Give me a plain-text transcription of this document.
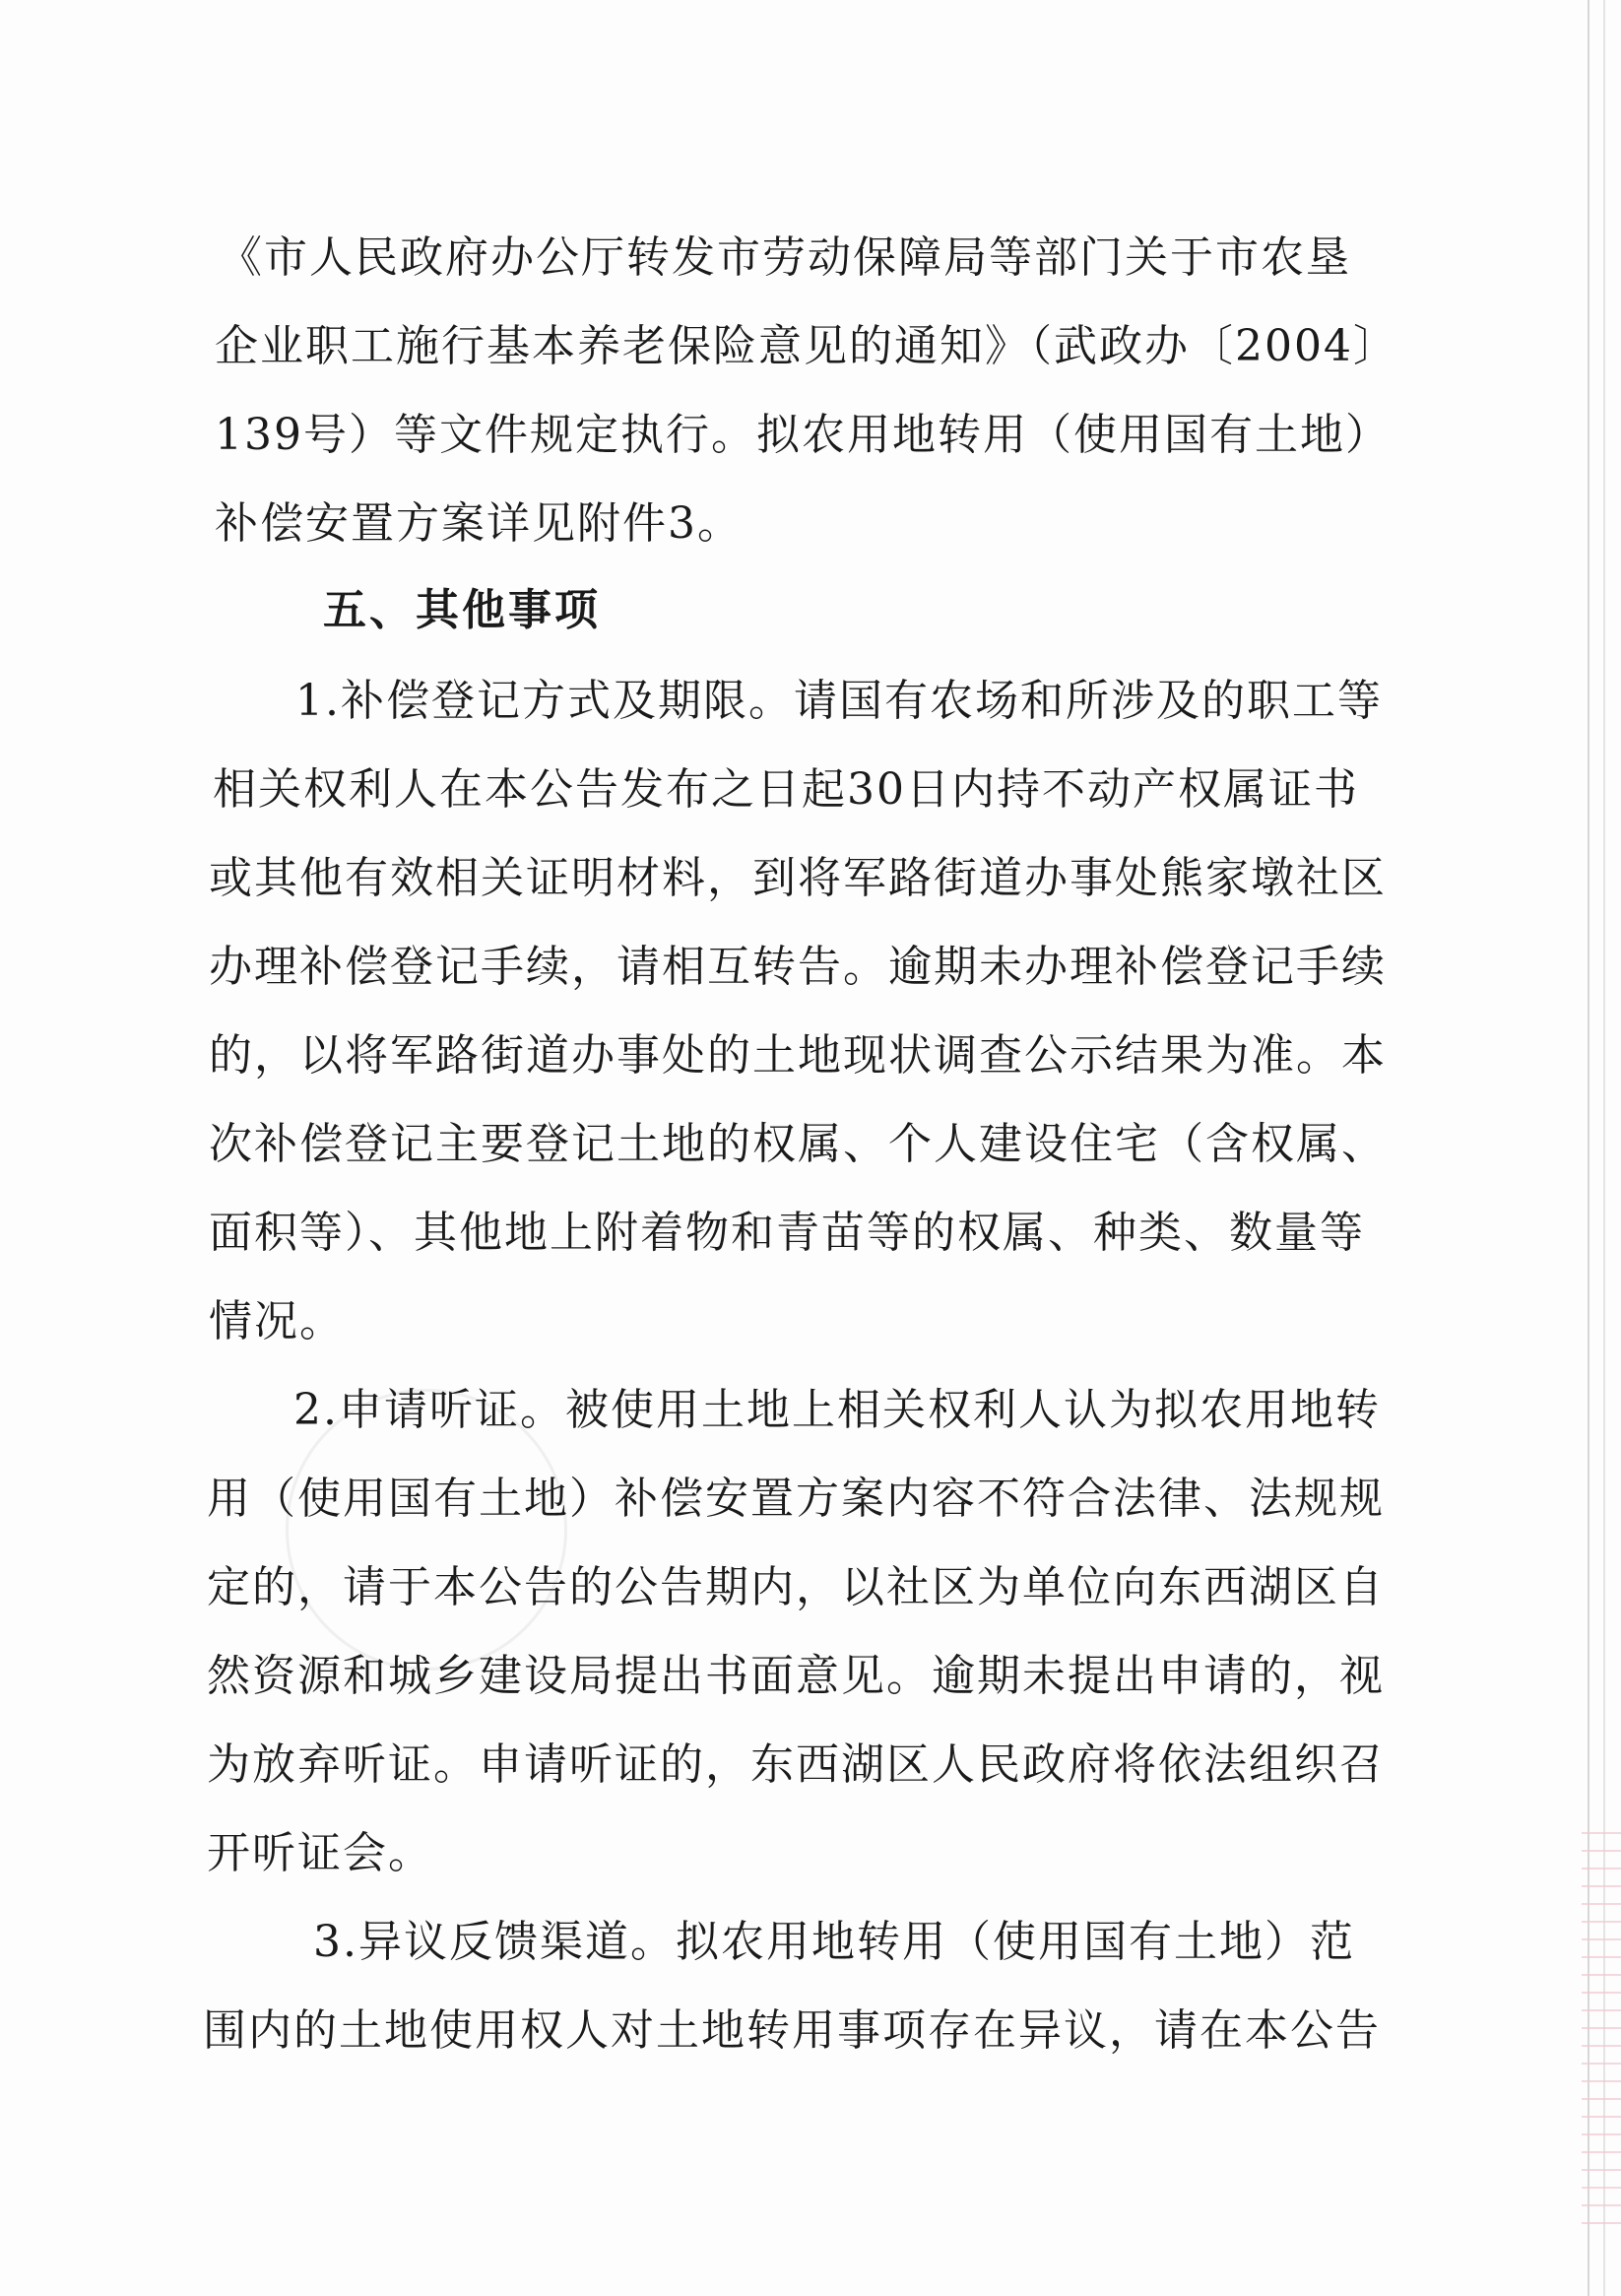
《市人民政府办公厅转发市劳动保障局等部门关于市农垦
企业职工施行基本养老保险意见的通知》（武政办〔2004〕
139号）等文件规定执行。拟农用地转用（使用国有土地）
补偿安置方案详见附件3。
五、其他事项
1.补偿登记方式及期限。请国有农场和所涉及的职工等
相关权利人在本公告发布之日起30日内持不动产权属证书
或其他有效相关证明材料，到将军路街道办事处熊家墩社区
办理补偿登记手续，请相互转告。逾期未办理补偿登记手续
的，以将军路街道办事处的土地现状调查公示结果为准。本
次补偿登记主要登记土地的权属、个人建设住宅（含权属、
面积等）、其他地上附着物和青苗等的权属、种类、数量等
情况。
2.申请听证。被使用土地上相关权利人认为拟农用地转
用（使用国有土地）补偿安置方案内容不符合法律、法规规
定的，请于本公告的公告期内，以社区为单位向东西湖区自
然资源和城乡建设局提出书面意见。逾期未提出申请的，视
为放弃听证。申请听证的，东西湖区人民政府将依法组织召
开听证会。
3.异议反馈渠道。拟农用地转用（使用国有土地）范
围内的土地使用权人对土地转用事项存在异议，请在本公告
